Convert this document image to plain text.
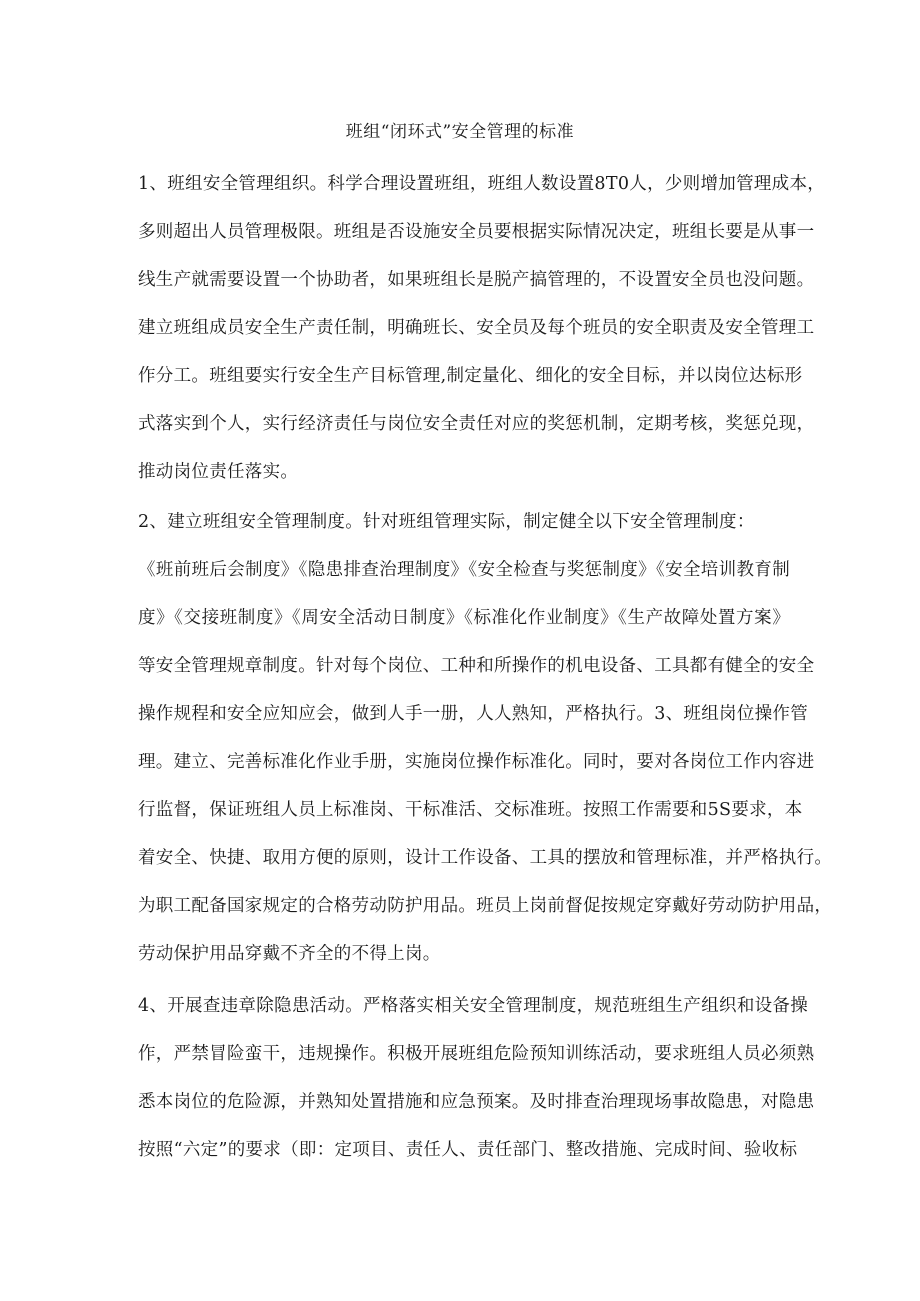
班组“闭环式”安全管理的标准
1、班组安全管理组织。科学合理设置班组，班组人数设置8T0人，少则增加管理成本，
多则超出人员管理极限。班组是否设施安全员要根据实际情况决定，班组长要是从事一
线生产就需要设置一个协助者，如果班组长是脱产搞管理的，不设置安全员也没问题。
建立班组成员安全生产责任制，明确班长、安全员及每个班员的安全职责及安全管理工
作分工。班组要实行安全生产目标管理,制定量化、细化的安全目标，并以岗位达标形
式落实到个人，实行经济责任与岗位安全责任对应的奖惩机制，定期考核，奖惩兑现，
推动岗位责任落实。
2、建立班组安全管理制度。针对班组管理实际，制定健全以下安全管理制度：
《班前班后会制度》《隐患排查治理制度》《安全检查与奖惩制度》《安全培训教育制
度》《交接班制度》《周安全活动日制度》《标准化作业制度》《生产故障处置方案》
等安全管理规章制度。针对每个岗位、工种和所操作的机电设备、工具都有健全的安全
操作规程和安全应知应会，做到人手一册，人人熟知，严格执行。3、班组岗位操作管
理。建立、完善标准化作业手册，实施岗位操作标准化。同时，要对各岗位工作内容进
行监督，保证班组人员上标准岗、干标准活、交标准班。按照工作需要和5S要求，本
着安全、快捷、取用方便的原则，设计工作设备、工具的摆放和管理标准，并严格执行。
为职工配备国家规定的合格劳动防护用品。班员上岗前督促按规定穿戴好劳动防护用品，
劳动保护用品穿戴不齐全的不得上岗。
4、开展查违章除隐患活动。严格落实相关安全管理制度，规范班组生产组织和设备操
作，严禁冒险蛮干，违规操作。积极开展班组危险预知训练活动，要求班组人员必须熟
悉本岗位的危险源，并熟知处置措施和应急预案。及时排查治理现场事故隐患，对隐患
按照“六定”的要求（即：定项目、责任人、责任部门、整改措施、完成时间、验收标
